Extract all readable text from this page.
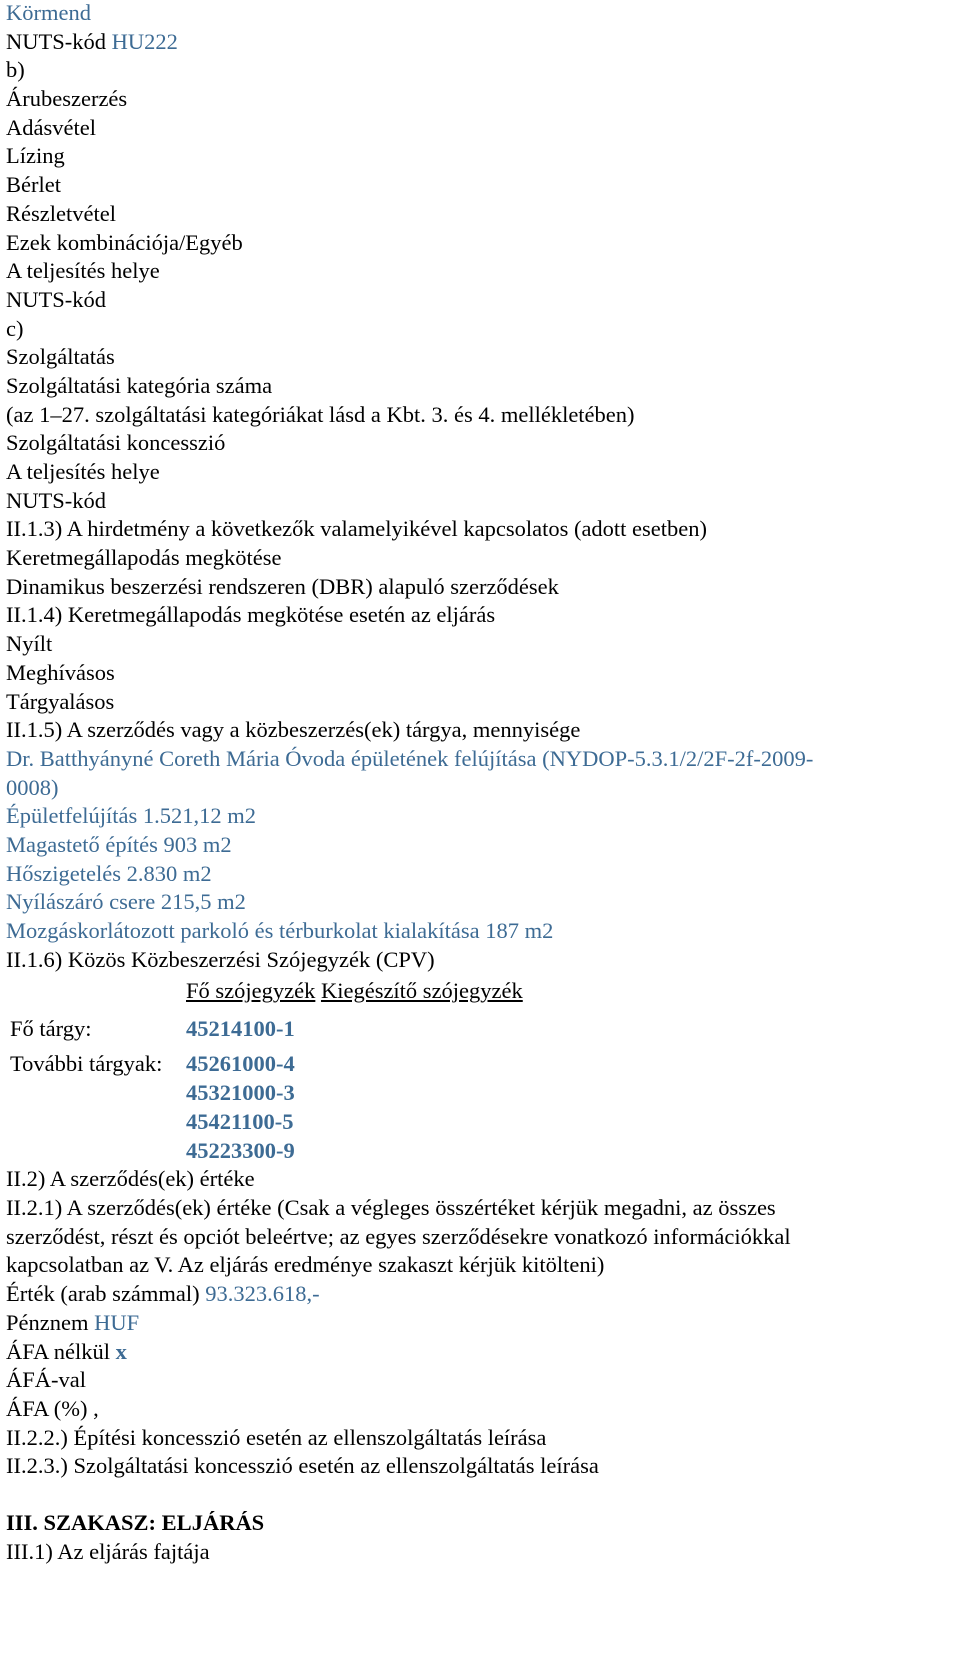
Körmend
NUTS-kód HU222
b)
Árubeszerzés
Adásvétel
Lízing
Bérlet
Részletvétel
Ezek kombinációja/Egyéb
A teljesítés helye
NUTS-kód
c)
Szolgáltatás
Szolgáltatási kategória száma
(az 1–27. szolgáltatási kategóriákat lásd a Kbt. 3. és 4. mellékletében)
Szolgáltatási koncesszió
A teljesítés helye
NUTS-kód
II.1.3) A hirdetmény a következők valamelyikével kapcsolatos (adott esetben)
Keretmegállapodás megkötése
Dinamikus beszerzési rendszeren (DBR) alapuló szerződések
II.1.4) Keretmegállapodás megkötése esetén az eljárás
Nyílt
Meghívásos
Tárgyalásos
II.1.5) A szerződés vagy a közbeszerzés(ek) tárgya, mennyisége
Dr. Batthyányné Coreth Mária Óvoda épületének felújítása (NYDOP-5.3.1/2/2F-2f-2009-
0008)
Épületfelújítás 1.521,12 m2
Magastető építés 903 m2
Hőszigetelés 2.830 m2
Nyílászáró csere 215,5 m2
Mozgáskorlátozott parkoló és térburkolat kialakítása 187 m2
II.1.6) Közös Közbeszerzési Szójegyzék (CPV)
Fő szójegyzék Kiegészítő szójegyzék
Fő tárgy:	45214100-1
További tárgyak:	45261000-4
45321000-3
45421100-5
45223300-9
II.2) A szerződés(ek) értéke
II.2.1) A szerződés(ek) értéke (Csak a végleges összértéket kérjük megadni, az összes
szerződést, részt és opciót beleértve; az egyes szerződésekre vonatkozó információkkal
kapcsolatban az V. Az eljárás eredménye szakaszt kérjük kitölteni)
Érték (arab számmal) 93.323.618,-
Pénznem HUF
ÁFA nélkül x
ÁFÁ-val
ÁFA (%) ,
II.2.2.) Építési koncesszió esetén az ellenszolgáltatás leírása
II.2.3.) Szolgáltatási koncesszió esetén az ellenszolgáltatás leírása
III. SZAKASZ: ELJÁRÁS
III.1) Az eljárás fajtája
